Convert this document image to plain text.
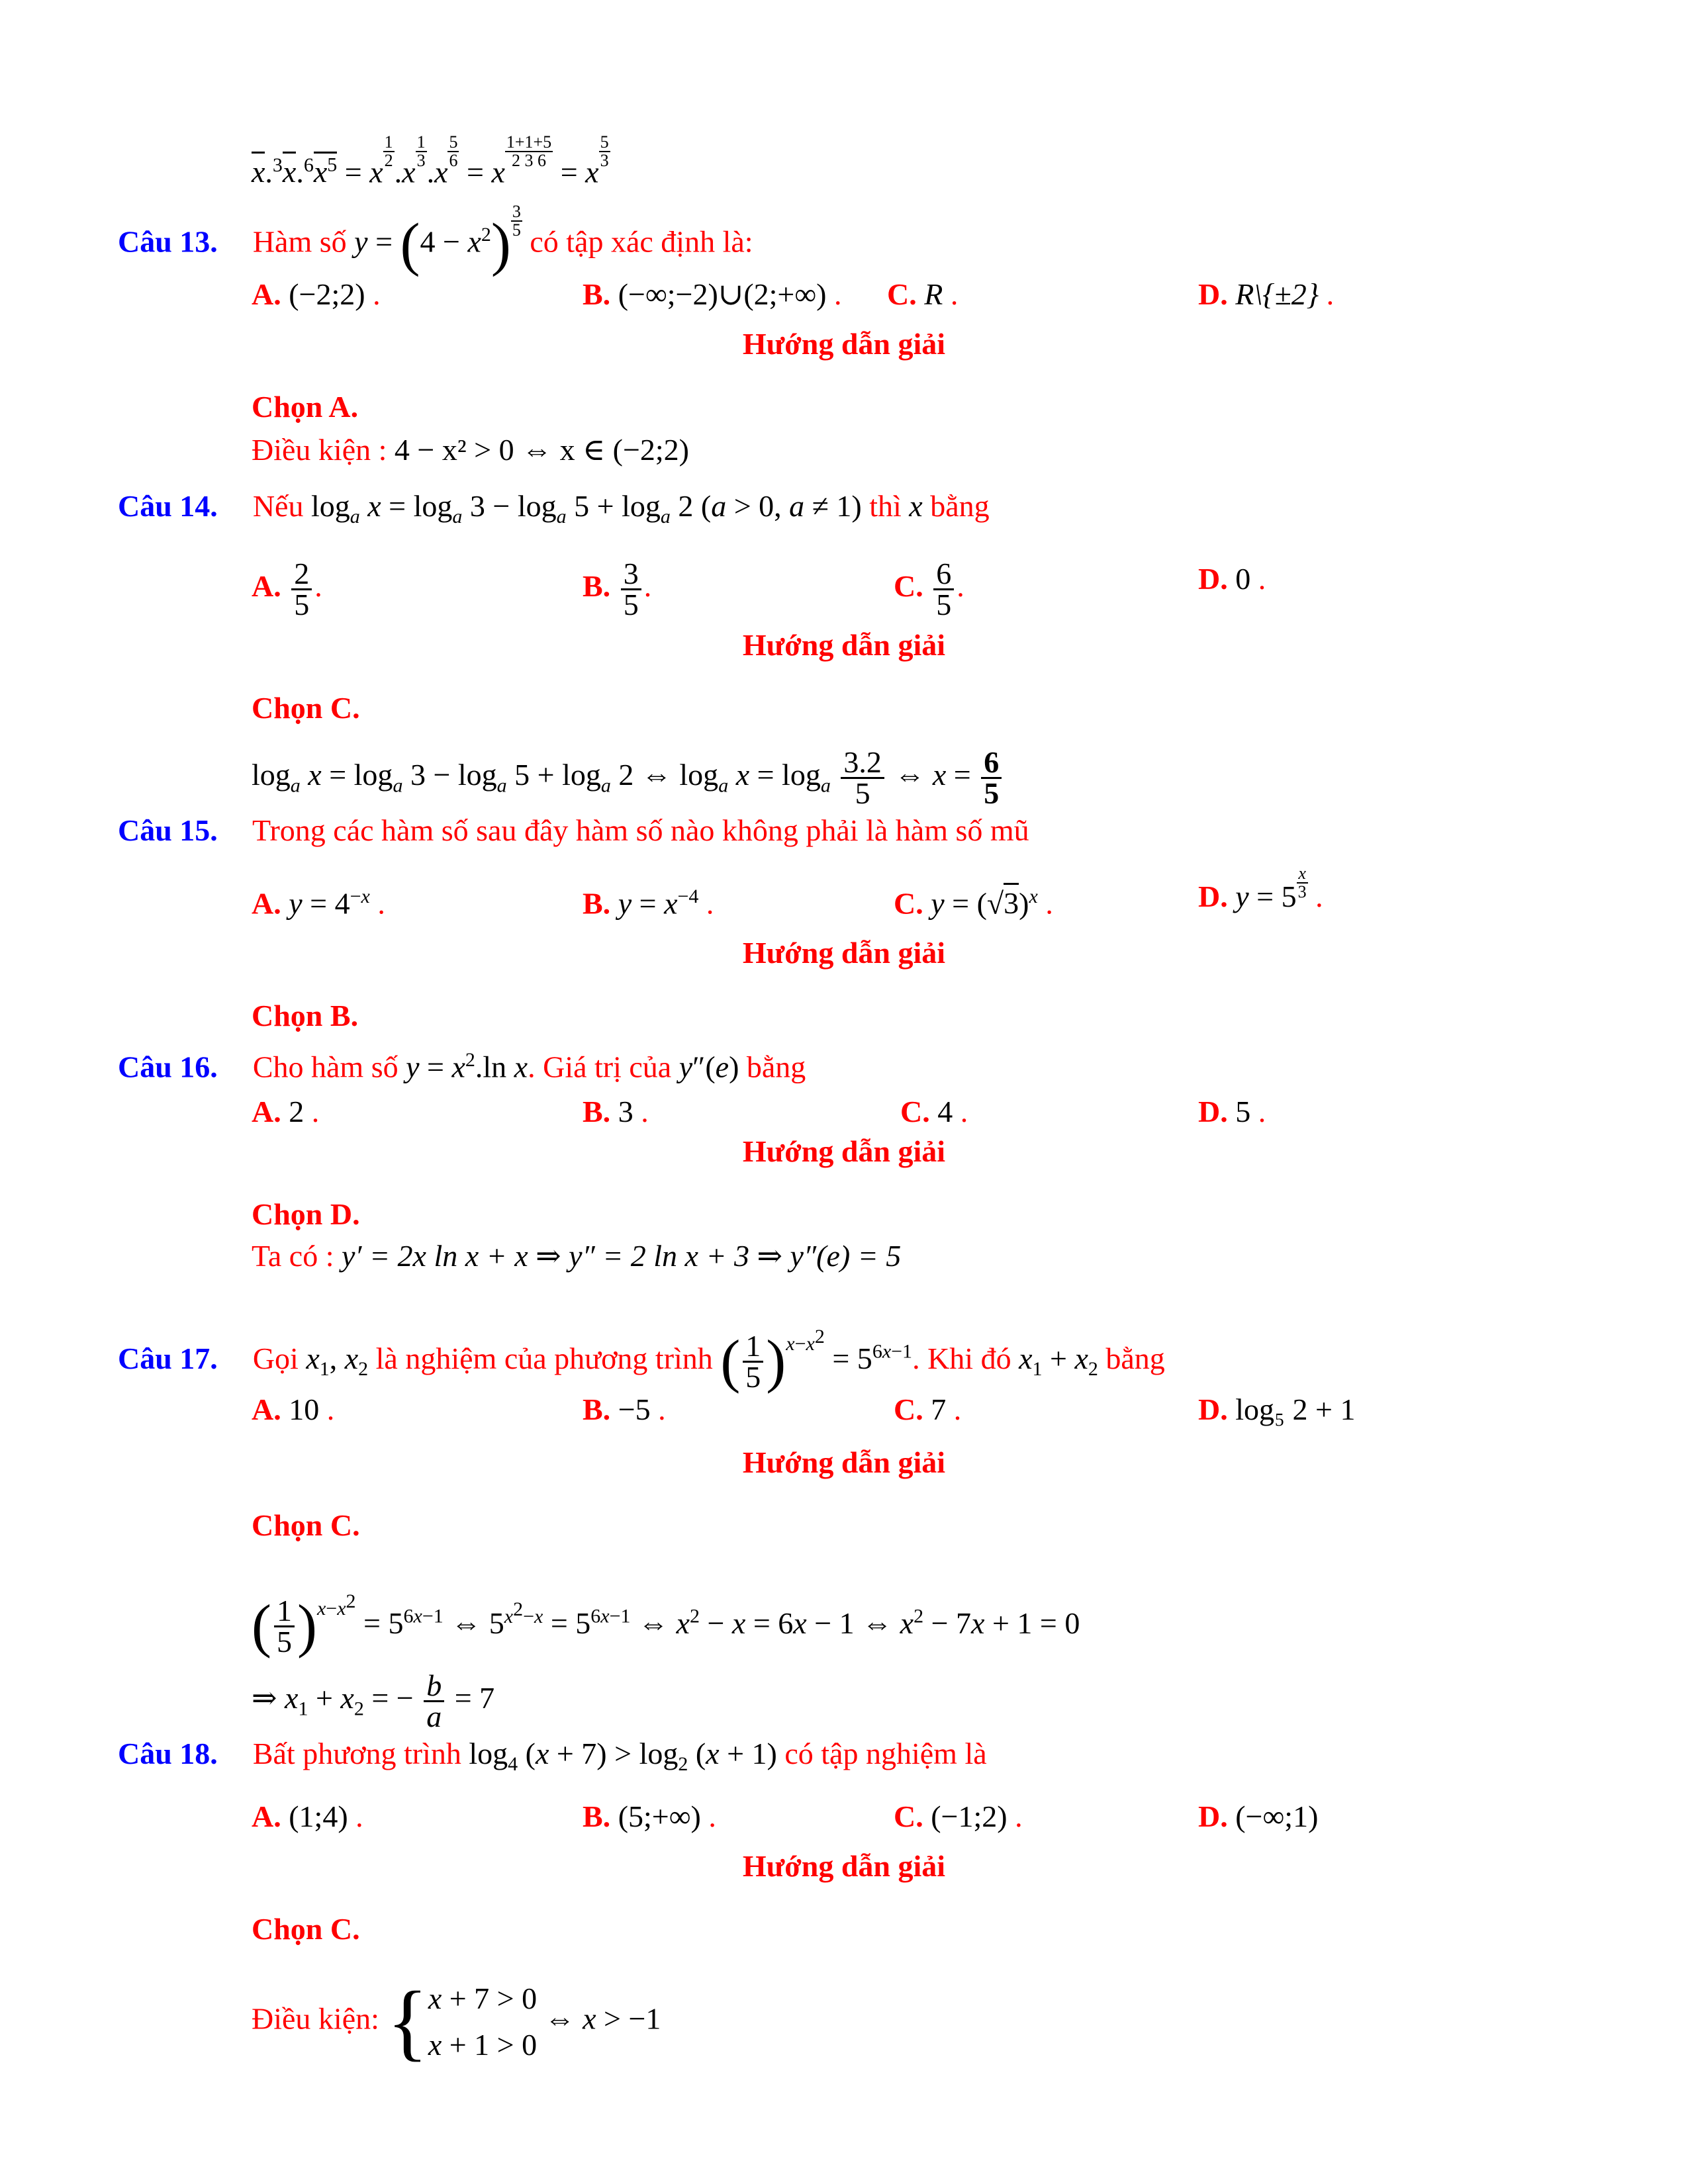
$x.^3x.^6x^5 = x$
$\frac{1}{2}$
.x
$\frac{1}{3}$
.x
$\frac{5}{6}$
= x
$\frac{1+1+5}{2 3 6}$
= x
$\frac{5}{3}$
Câu 13. Hàm số $y = (4 - x^2) \frac{3}{5}$
có tập xác định là:
A. (−2;2) .	B. (−∞;−2)∪(2;+∞) . C. R .	D. R\{±2} .
Hướng dẫn giải
Chọn A.
Điều kiện : 4 − x² > 0 ⇔ x ∈ (−2;2)
Câu 14. Nếu $\log_a x = \log_a 3 - \log_a 5 + \log_a 2$ (a > 0, a ≠ 1) thì x bằng
A. $\frac{2}{5}$ .	B. $\frac{3}{5}$ .	C. $\frac{6}{5}$ .	D. 0 .
Hướng dẫn giải
Chọn C.
$\log_a x = \log_a 3 - \log_a 5 + \log_a 2$ ⇔ $\log_a x = \log_a \frac{3.2}{5}$ ⇔ $x = \frac{6}{5}$
Câu 15. Trong các hàm số sau đây hàm số nào không phải là hàm số mũ
A. $y = 4^{-x}$ .	B. $y = x^{-4}$ .	C. $y = (√3)^x$ .	D. $y = 5 \frac{x}{3}$ .
Hướng dẫn giải
Chọn B.
Câu 16. Cho hàm số $y = x^2.\ln$ x. Giá trị của y″(e) bằng
A. 2 .	B. 3 .	C. 4 .	D. 5 .
Hướng dẫn giải
Chọn D.
Ta có : y′ = 2x ln x + x ⇒ y″ = 2 ln x + 3 ⇒ y″(e) = 5
Câu 17. Gọi $x_1$, $x_2$ là nghiệm của phương trình ( $\frac{1}{5} )^{x-x^2} = 5^{6x-1}$. Khi đó $x_1 + x_2$ bằng
A. 10 .	B. −5 .	C. 7 .	D. log₅ 2 + 1
Hướng dẫn giải
Chọn C.
( $\frac{1}{5} )^{x-x^2} = 5^{6x-1}$ ⇔ $5^{x^2-x} = 5^{6x-1}$ ⇔ $x^2 - x = 6x - 1$ ⇔ $x^2 - 7x + 1 = 0$
⇒ $x_1 + x_2$ = − $\frac{b}{a} = 7$
Câu 18. Bất phương trình $\log_4 (x + 7) > \log_2 (x + 1)$ có tập nghiệm là
A. (1;4) .	B. (5;+∞) .	C. (−1;2) .	D. (−∞;1)
Hướng dẫn giải
Chọn C.
Điều kiện: { x + 7 > 0
x + 1 > 0
⇔ x > −1
